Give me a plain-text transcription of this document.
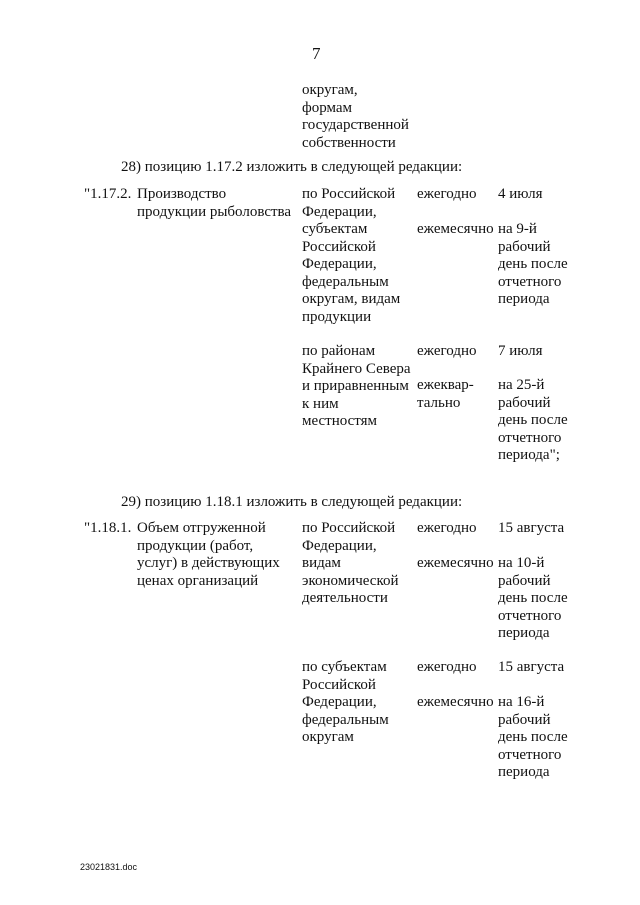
7
округам,
формам
государственной
собственности
28) позицию 1.17.2 изложить в следующей редакции:
"1.17.2. Производство
продукции рыболовства
по Российской
Федерации,
субъектам
Российской
Федерации,
федеральным
округам, видам
продукции
ежегодно 4 июля
ежемесячно на 9-й
рабочий
день после
отчетного
периода
по районам
Крайнего Севера
и приравненным
к ним
местностям
ежегодно 7 июля
ежеквар-
тально
на 25-й
рабочий
день после
отчетного
периода";
29) позицию 1.18.1 изложить в следующей редакции:
"1.18.1. Объем отгруженной
продукции (работ,
услуг) в действующих
ценах организаций
по Российской
Федерации,
видам
экономической
деятельности
ежегодно 15 августа
ежемесячно на 10-й
рабочий
день после
отчетного
периода
по субъектам
Российской
Федерации,
федеральным
округам
ежегодно 15 августа
ежемесячно на 16-й
рабочий
день после
отчетного
периода
23021831.doc
